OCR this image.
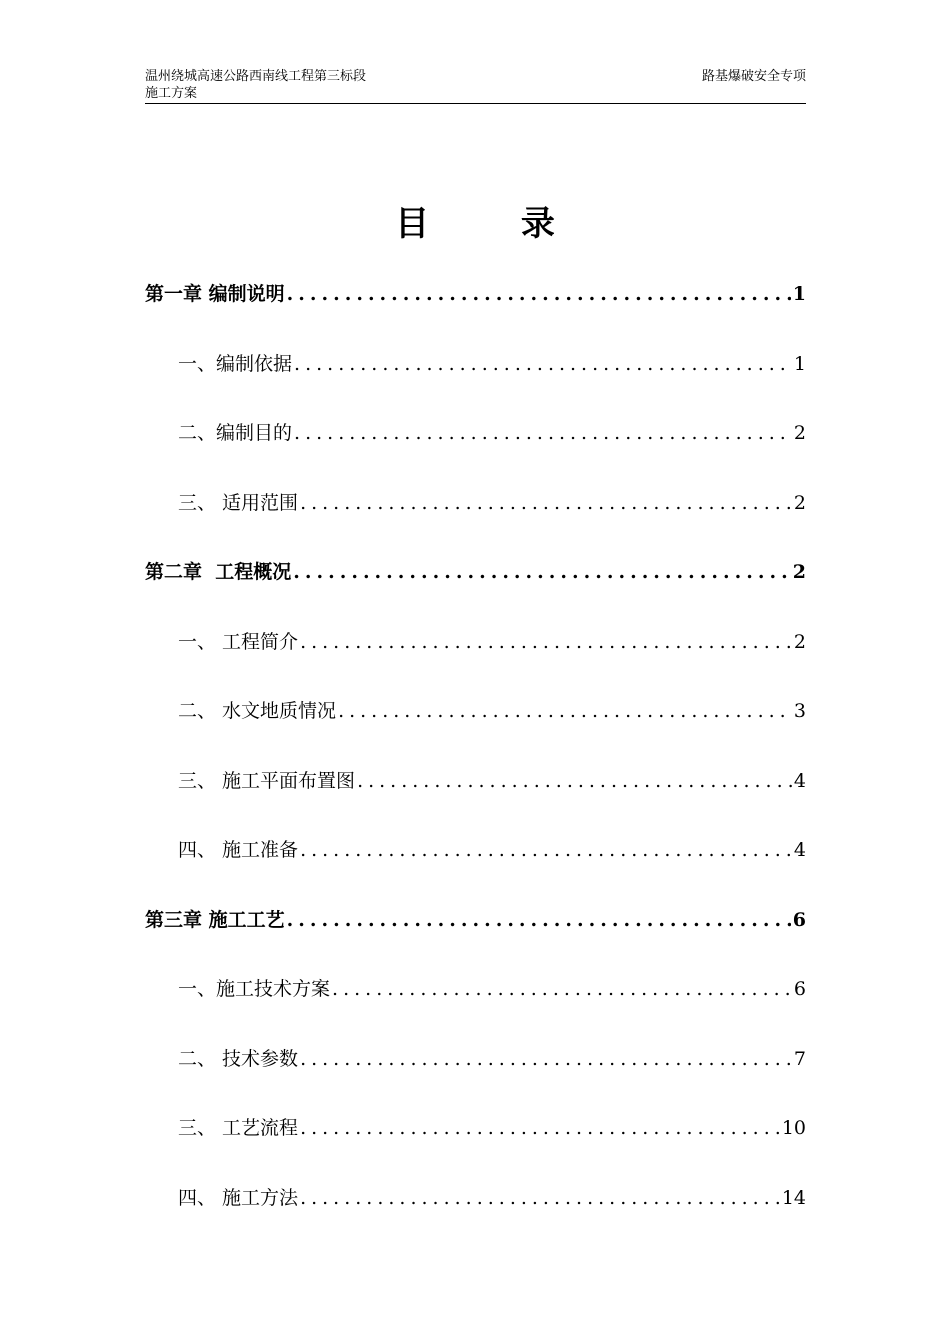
温州绕城高速公路西南线工程第三标段
施工方案
路基爆破安全专项
目 录
第一章 编制说明 .....	1
一、 编制依据 .....	1
二、 编制目的 .....	2
三、 适用范围 .....	2
第二章 工程概况 .....	2
一、 工程简介 .....	2
二、 水文地质情况 .....	3
三、 施工平面布置图 .....	4
四、 施工准备 .....	4
第三章 施工工艺 .....	6
一、 施工技术方案 .....	6
二、 技术参数 .....	7
三、 工艺流程 .....	10
四、 施工方法 .....	14
